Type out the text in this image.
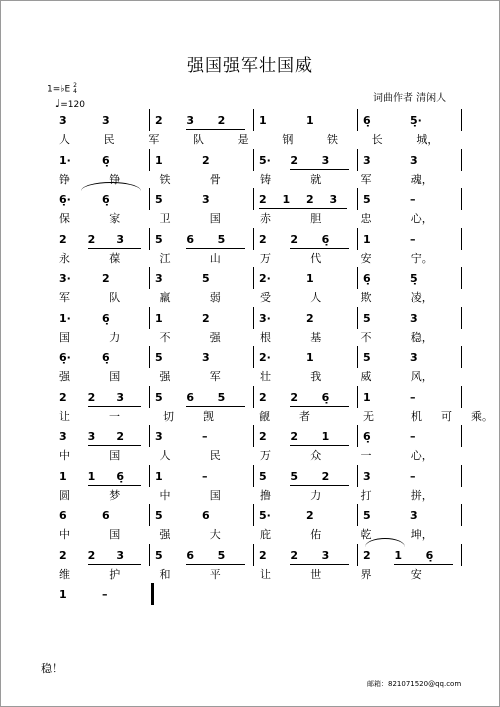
强国强军壮国威
1=♭E 2
4
♩=120
词曲作者 清闲人
3	3	2 3 2	1	1	6̣	5̣·
人	民	军	队	是	钢	铁	长	城，
1·	6̣	1	2	5· 2 3	3	3
铮	铮	铁	骨	铸	就	军	魂，
6̣·	6̣	5	3	2 1 2 3 5	–
保	家	卫	国	赤	胆	忠	心，
2 2 3	5 6 5	2 2 6̣	1	–
永	葆	江	山	万	代	安	宁。
3·	2	3	5	2·	1	6̣	5̣
军	队	羸	弱	受	人	欺	凌，
1·	6̣	1	2	3·	2	5	3
国	力	不	强	根	基	不	稳，
6̣·	6̣	5	3	2·	1	5	3
强	国	强	军	壮	我	威	风，
2 2 3	5 6 5	2 2 6̣	1	–
让	一	切	觊	觎	者	无	机 可 乘。
3 3 2	3	–	2 2 1	6̣	–
中	国	人	民	万	众	一	心，
1 1 6̣	1	–	5 5 2	3	–
圆	梦	中	国	撸	力	打	拼，
6	6	5	6	5·	2	5	3
中	国	强	大	庇	佑	乾	坤，
2 2 3	5 6 5	2 2 3	2 1 6̣
维	护	和	平	让	世	界	安
1	–
稳！
邮箱：821071520@qq.com
